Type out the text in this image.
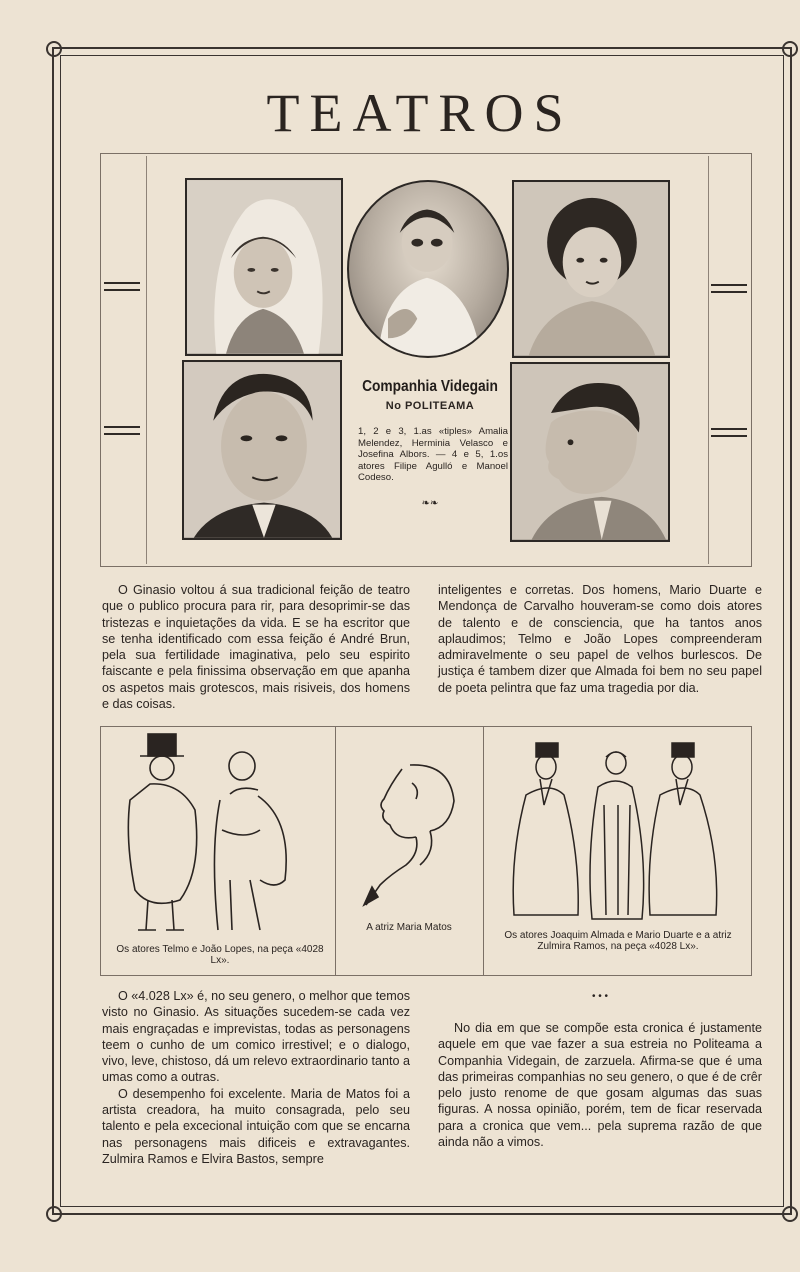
TEATROS
Companhia Videgain
No POLITEAMA
1, 2 e 3, 1.as «tiples» Amalia Melendez, Herminia Velasco e Josefina Albors. — 4 e 5, 1.os atores Filipe Agulló e Manoel Codeso.
❧❧

O Ginasio voltou á sua tradicional feição de teatro que o publico procura para rir, para desoprimir-se das tristezas e inquietações da vida. E se ha escritor que se tenha identificado com essa feição é André Brun, pela sua fertilidade imaginativa, pelo seu espirito faiscante e pela finissima observação em que apanha os aspetos mais grotescos, mais risiveis, dos homens e das coisas.

inteligentes e corretas. Dos homens, Mario Duarte e Mendonça de Carvalho houveram-se como dois atores de talento e de consciencia, que ha tantos anos aplaudimos; Telmo e João Lopes compreenderam admiravelmente o seu papel de velhos burlescos. De justiça é tambem dizer que Almada foi bem no seu papel de poeta pelintra que faz uma tragedia por dia.

Os atores Telmo e João Lopes, na peça «4028 Lx».
A atriz Maria Matos
Os atores Joaquim Almada e Mario Duarte e a atriz Zulmira Ramos, na peça «4028 Lx».

O «4.028 Lx» é, no seu genero, o melhor que temos visto no Ginasio. As situações sucedem-se cada vez mais engraçadas e imprevistas, todas as personagens teem o cunho de um comico irrestivel; e o dialogo, vivo, leve, chistoso, dá um relevo extraordinario tanto a umas como a outras.

O desempenho foi excelente. Maria de Matos foi a artista creadora, ha muito consagrada, pelo seu talento e pela excecional intuição com que se encarna nas personagens mais dificeis e extravagantes. Zulmira Ramos e Elvira Bastos, sempre

• • •

No dia em que se compõe esta cronica é justamente aquele em que vae fazer a sua estreia no Politeama a Companhia Videgain, de zarzuela. Afirma-se que é uma das primeiras companhias no seu genero, o que é de crêr pelo justo renome de que gosam algumas das suas figuras. A nossa opinião, porém, tem de ficar reservada para a cronica que vem... pela suprema razão de que ainda não a vimos.
